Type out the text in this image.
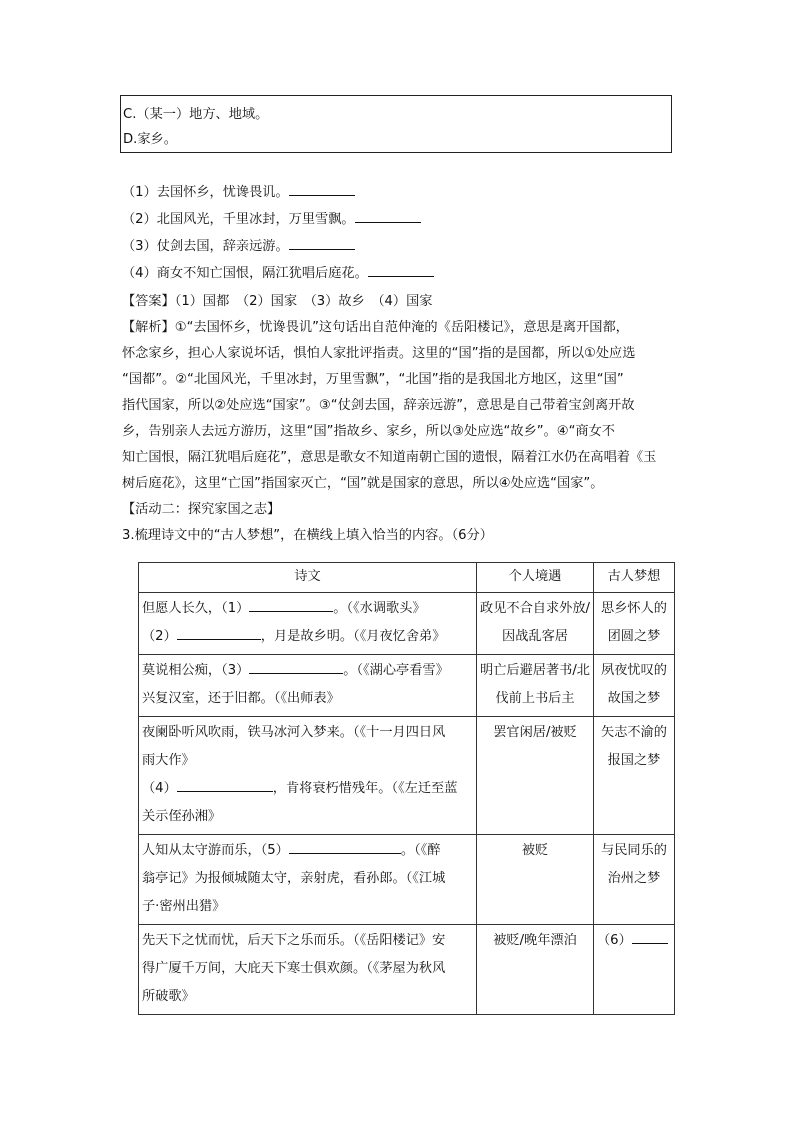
C.（某一）地方、地域。
D.家乡。
（1）去国怀乡，忧谗畏讥。
（2）北国风光，千里冰封，万里雪飘。
（3）仗剑去国，辞亲远游。
（4）商女不知亡国恨，隔江犹唱后庭花。
【答案】（1）国都　（2）国家　（3）故乡　（4）国家

【解析】①“去国怀乡，忧谗畏讥”这句话出自范仲淹的《岳阳楼记》，意思是离开国都，

怀念家乡，担心人家说坏话，惧怕人家批评指责。这里的“国”指的是国都，所以①处应选

“国都”。②“北国风光，千里冰封，万里雪飘”，“北国”指的是我国北方地区，这里“国”

指代国家，所以②处应选“国家”。③“仗剑去国，辞亲远游”，意思是自己带着宝剑离开故

乡，告别亲人去远方游历，这里“国”指故乡、家乡，所以③处应选“故乡”。④“商女不

知亡国恨，隔江犹唱后庭花”，意思是歌女不知道南朝亡国的遗恨，隔着江水仍在高唱着《玉

树后庭花》，这里“亡国”指国家灭亡，“国”就是国家的意思，所以④处应选“国家”。

【活动二：探究家国之志】

3.梳理诗文中的“古人梦想”，在横线上填入恰当的内容。（6分）

诗文	个人境遇	古人梦想

但愿人长久，（1） 。（《水调歌头》

（2） ，月是故乡明。（《月夜忆舍弟》	政见不合自求外放/因战乱客居	思乡怀人的团圆之梦

莫说相公痴，（3） 。（《湖心亭看雪》

兴复汉室，还于旧都。（《出师表》	明亡后避居著书/北伐前上书后主	夙夜忧叹的故国之梦

夜阑卧听风吹雨，铁马冰河入梦来。（《十一月四日风

雨大作》

（4） ，肯将衰朽惜残年。（《左迁至蓝

关示侄孙湘》	罢官闲居/被贬	矢志不渝的报国之梦

人知从太守游而乐，（5） 。（《醉

翁亭记》为报倾城随太守，亲射虎，看孙郎。（《江城

子·密州出猎》	被贬	与民同乐的治州之梦

先天下之忧而忧，后天下之乐而乐。（《岳阳楼记》安

得广厦千万间，大庇天下寒士俱欢颜。（《茅屋为秋风

所破歌》	被贬/晚年漂泊	（6）
